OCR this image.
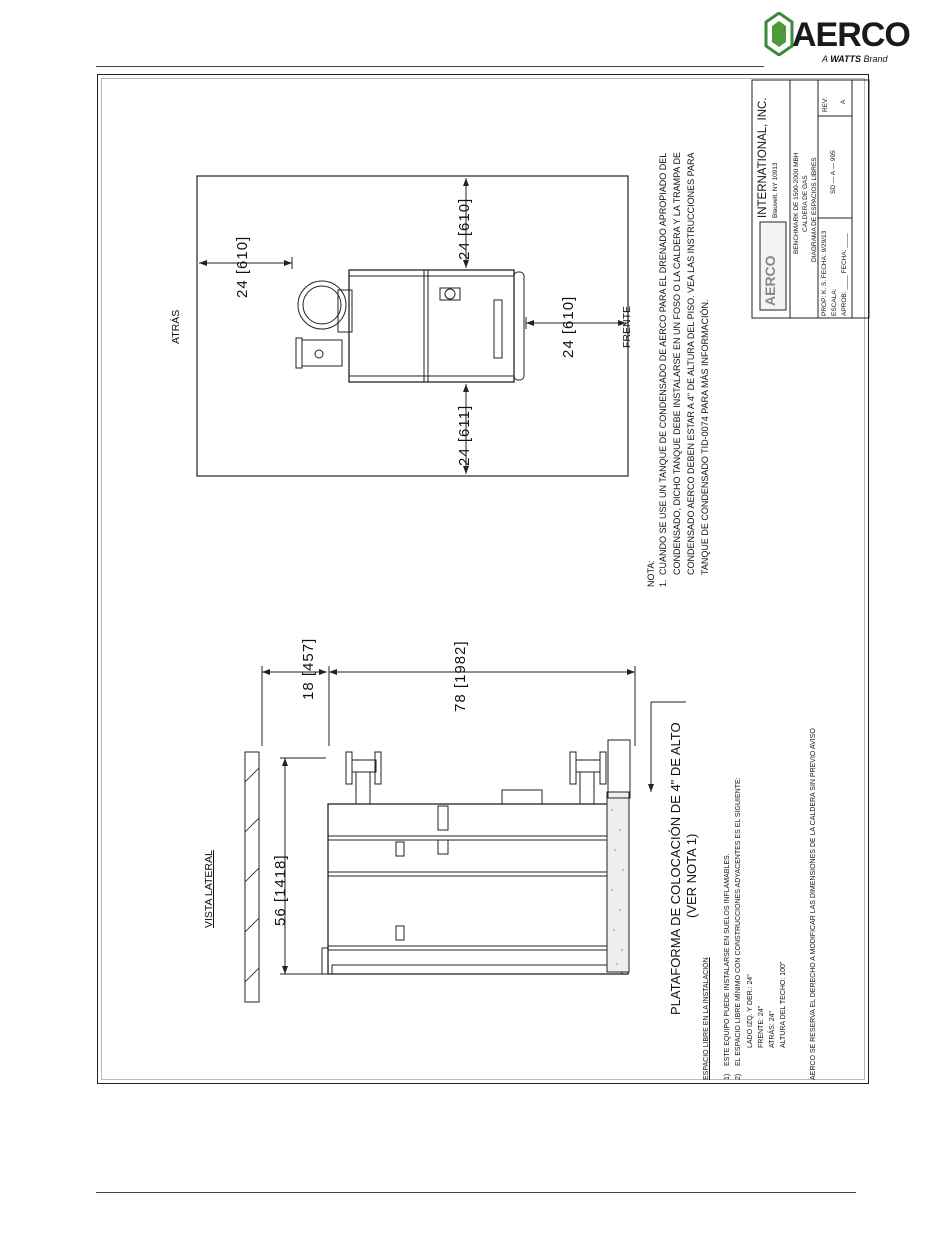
AERCO
A WATTS Brand
VISTA LATERAL
18 [457]
78 [1982]
56 [1418]	PLATAFORMA DE COLOCACIÓN DE 4" DE ALTO (VER NOTA 1)
ATRÁS	FRENTE
24 [610]
24 [610]
24 [611]
24 [610]
NOTA: 1.
CUANDO SE USE UN TANQUE DE CONDENSADO DE AERCO PARA EL DRENADO APROPIADO DEL CONDENSADO, DICHO TANQUE DEBE INSTALARSE EN UN FOSO O LA CALDERA Y LA TRAMPA DE CONDENSADO AERCO DEBEN ESTAR A 4" DE ALTURA DEL PISO. VEA LAS INSTRUCCIONES PARA TANQUE DE CONDENSADO TID-0074 PARA MÁS INFORMACIÓN.
ESPACIO LIBRE EN LA INSTALACIÓN 1)
ESTE EQUIPO PUEDE INSTALARSE EN SUELOS INFLAMABLES.
2)
EL ESPACIO LIBRE MÍNIMO CON CONSTRUCCIONES ADYACENTES ES EL SIGUIENTE: LADO IZQ. Y DER.: 24" FRENTE: 24" ATRÁS: 24" ALTURA DEL TECHO: 100"	AERCO SE RESERVA EL DERECHO A MODIFICAR LAS DIMENSIONES DE LA CALDERA SIN PREVIO AVISO
AERCO
INTERNATIONAL, INC. Blauvelt, NY 10913 BENCHMARK DE 1500-2000 MBH CALDERA DE GAS DIAGRAMA DE ESPACIOS LIBRES
PROP: K. S. FECHA: 9/29/13 ESCALA: APROB: ____ FECHA: ____
SD — A — 995
REV: A
